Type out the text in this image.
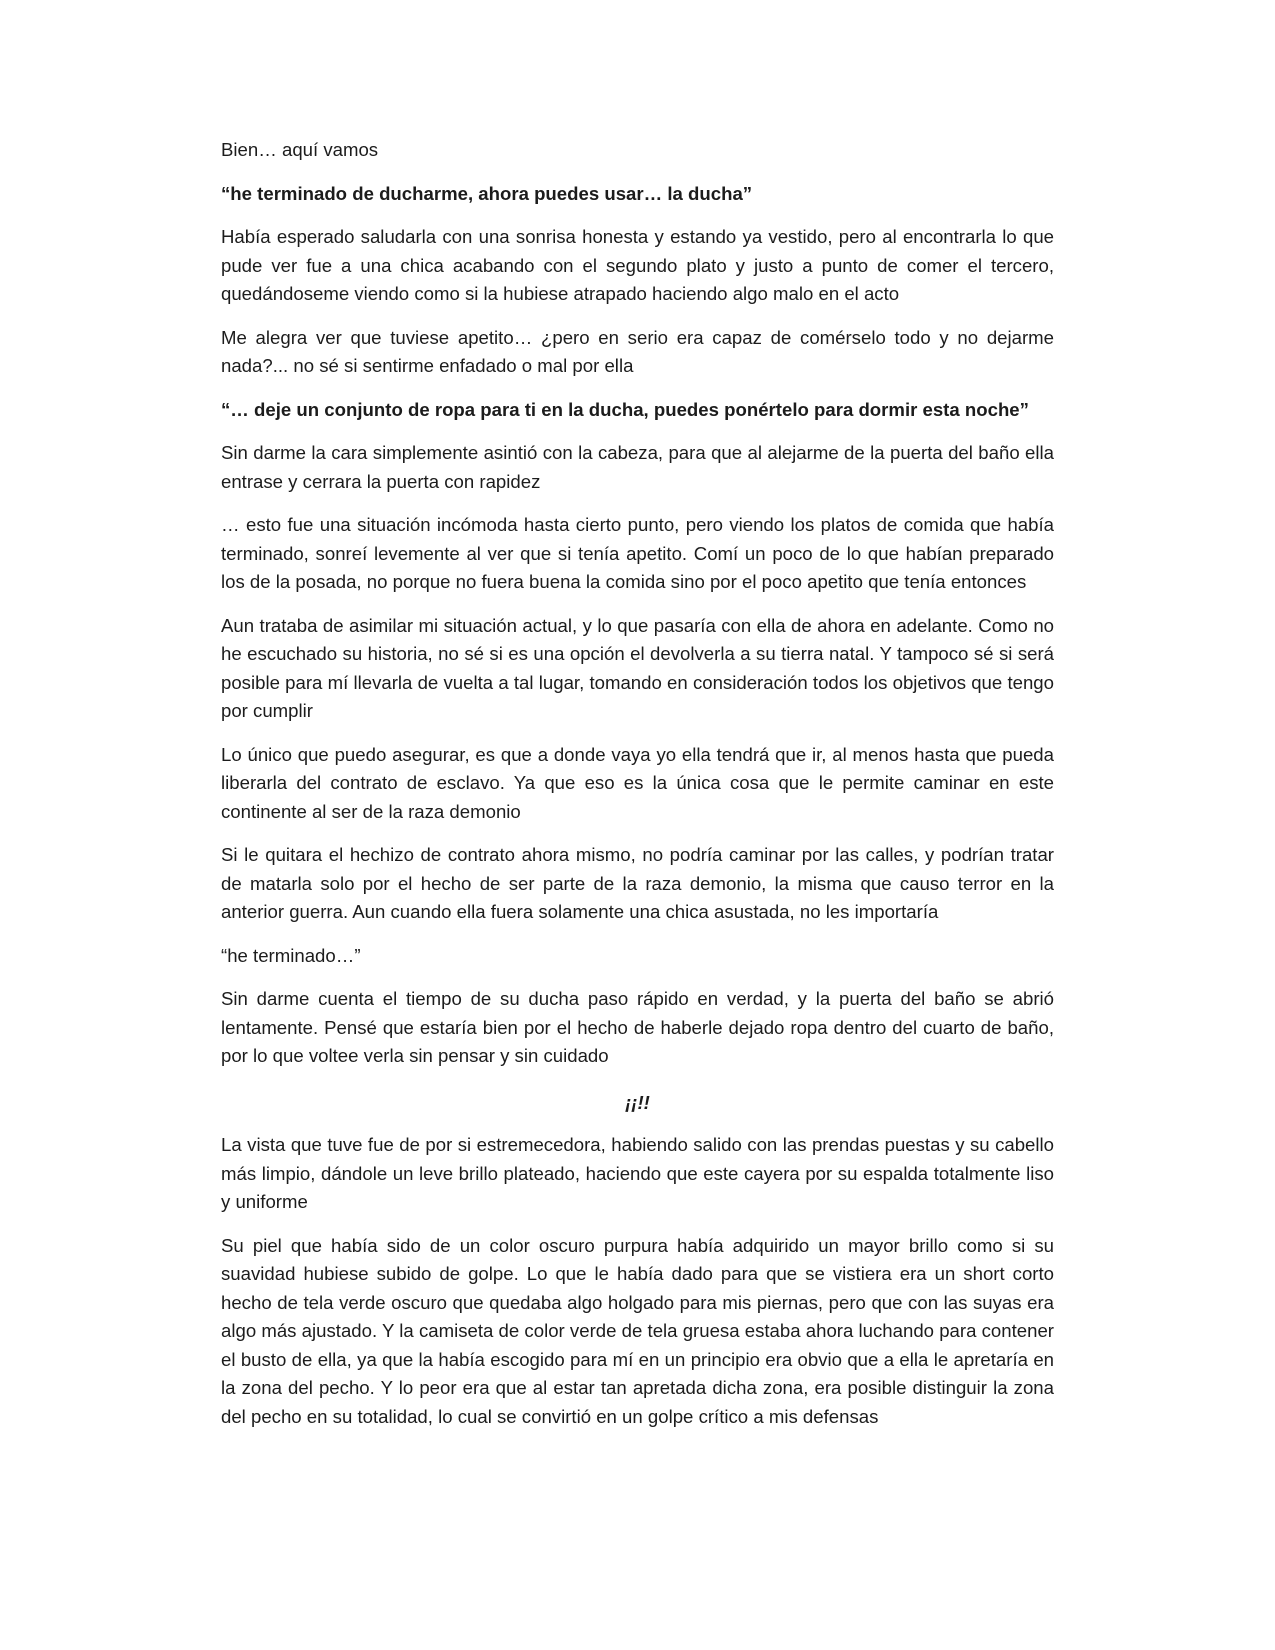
Bien… aquí vamos

“he terminado de ducharme, ahora puedes usar… la ducha”

Había esperado saludarla con una sonrisa honesta y estando ya vestido, pero al encontrarla lo que pude ver fue a una chica acabando con el segundo plato y justo a punto de comer el tercero, quedándoseme viendo como si la hubiese atrapado haciendo algo malo en el acto

Me alegra ver que tuviese apetito… ¿pero en serio era capaz de comérselo todo y no dejarme nada?... no sé si sentirme enfadado o mal por ella

“… deje un conjunto de ropa para ti en la ducha, puedes ponértelo para dormir esta noche”

Sin darme la cara simplemente asintió con la cabeza, para que al alejarme de la puerta del baño ella entrase y cerrara la puerta con rapidez

… esto fue una situación incómoda hasta cierto punto, pero viendo los platos de comida que había terminado, sonreí levemente al ver que si tenía apetito. Comí un poco de lo que habían preparado los de la posada, no porque no fuera buena la comida sino por el poco apetito que tenía entonces

Aun trataba de asimilar mi situación actual, y lo que pasaría con ella de ahora en adelante. Como no he escuchado su historia, no sé si es una opción el devolverla a su tierra natal. Y tampoco sé si será posible para mí llevarla de vuelta a tal lugar, tomando en consideración todos los objetivos que tengo por cumplir

Lo único que puedo asegurar, es que a donde vaya yo ella tendrá que ir, al menos hasta que pueda liberarla del contrato de esclavo. Ya que eso es la única cosa que le permite caminar en este continente al ser de la raza demonio

Si le quitara el hechizo de contrato ahora mismo, no podría caminar por las calles, y podrían tratar de matarla solo por el hecho de ser parte de la raza demonio, la misma que causo terror en la anterior guerra. Aun cuando ella fuera solamente una chica asustada, no les importaría

“he terminado…”

Sin darme cuenta el tiempo de su ducha paso rápido en verdad, y la puerta del baño se abrió lentamente. Pensé que estaría bien por el hecho de haberle dejado ropa dentro del cuarto de baño, por lo que voltee verla sin pensar y sin cuidado

¡¡!!

La vista que tuve fue de por si estremecedora, habiendo salido con las prendas puestas y su cabello más limpio, dándole un leve brillo plateado, haciendo que este cayera por su espalda totalmente liso y uniforme

Su piel que había sido de un color oscuro purpura había adquirido un mayor brillo como si su suavidad hubiese subido de golpe. Lo que le había dado para que se vistiera era un short corto hecho de tela verde oscuro que quedaba algo holgado para mis piernas, pero que con las suyas era algo más ajustado. Y la camiseta de color verde de tela gruesa estaba ahora luchando para contener el busto de ella, ya que la había escogido para mí en un principio era obvio que a ella le apretaría en la zona del pecho. Y lo peor era que al estar tan apretada dicha zona, era posible distinguir la zona del pecho en su totalidad, lo cual se convirtió en un golpe crítico a mis defensas
